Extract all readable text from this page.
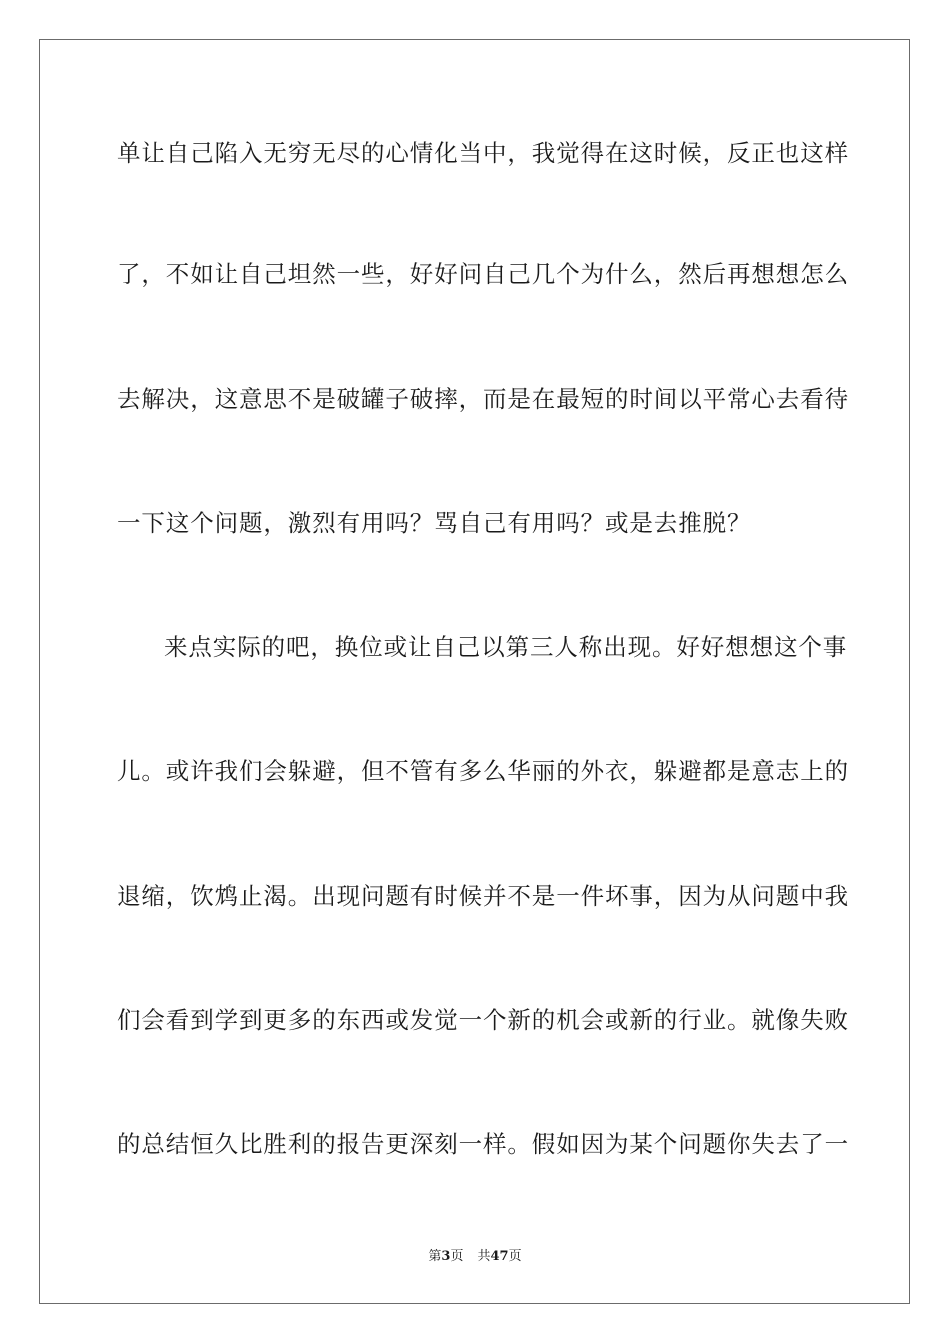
单让自己陷入无穷无尽的心情化当中，我觉得在这时候，反正也这样
了，不如让自己坦然一些，好好问自己几个为什么，然后再想想怎么
去解决，这意思不是破罐子破摔，而是在最短的时间以平常心去看待
一下这个问题，激烈有用吗？骂自己有用吗？或是去推脱？
来点实际的吧，换位或让自己以第三人称出现。好好想想这个事
儿。或许我们会躲避，但不管有多么华丽的外衣，躲避都是意志上的
退缩，饮鸩止渴。出现问题有时候并不是一件坏事，因为从问题中我
们会看到学到更多的东西或发觉一个新的机会或新的行业。就像失败
的总结恒久比胜利的报告更深刻一样。假如因为某个问题你失去了一
第3页 共47页
